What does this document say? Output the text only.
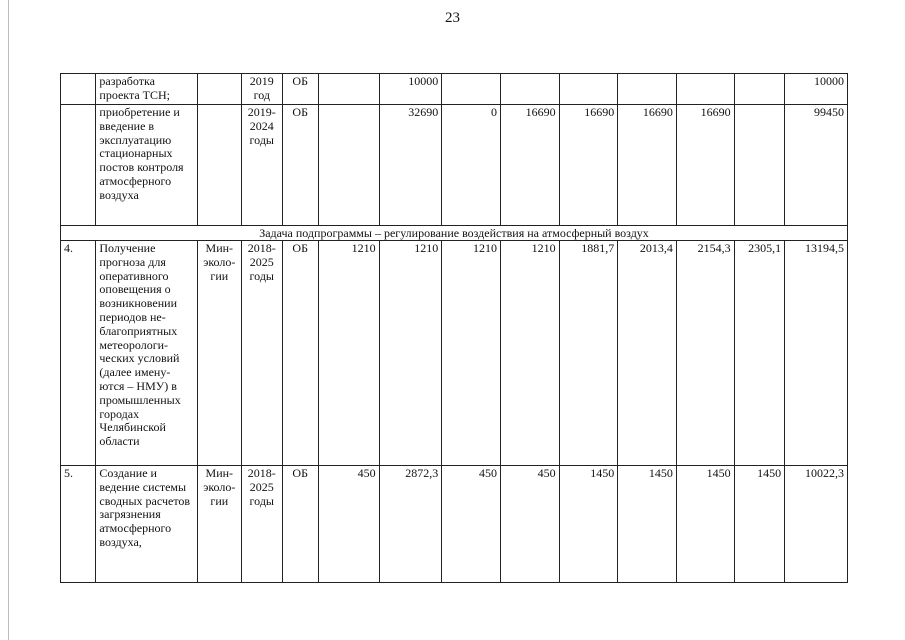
23
	разработка проекта ТСН;		2019 год	ОБ		10000							10000
	приобретение и введение в эксплуатацию стационарных постов контроля атмосферного воздуха		2019-2024 годы	ОБ		32690	0	16690	16690	16690	16690		99450
Задача подпрограммы – регулирование воздействия на атмосферный воздух													
4.	Получение прогноза для оперативного оповещения о возникновении периодов не-благоприятных метеорологи-ческих условий (далее имену-ются – НМУ) в промышленных городах Челябинской области	Мин-эколо-гии	2018-2025 годы	ОБ	1210	1210	1210	1210	1881,7	2013,4	2154,3	2305,1	13194,5
5.	Создание и ведение системы сводных расчетов загрязнения атмосферного воздуха,	Мин-эколо-гии	2018-2025 годы	ОБ	450	2872,3	450	450	1450	1450	1450	1450	10022,3
